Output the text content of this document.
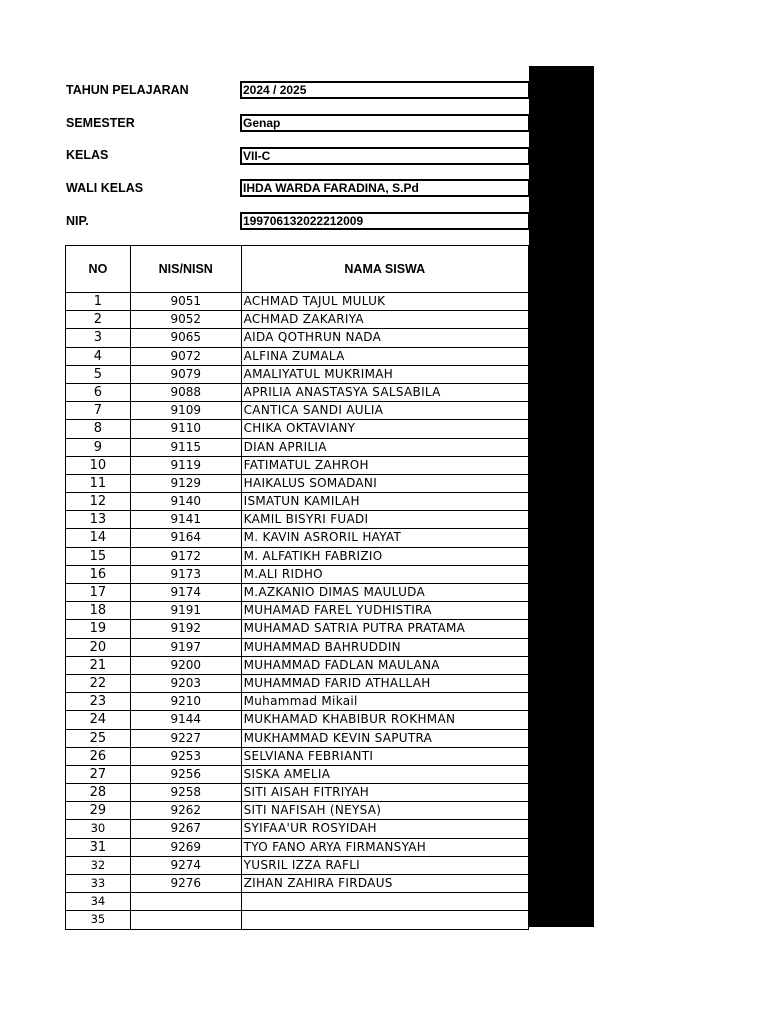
TAHUN PELAJARAN	2024 / 2025
SEMESTER	Genap
KELAS	VII-C
WALI KELAS	IHDA WARDA FARADINA, S.Pd
NIP.	199706132022212009
NO	NIS/NISN	NAMA SISWA
1	9051	ACHMAD TAJUL MULUK
2	9052	ACHMAD ZAKARIYA
3	9065	AIDA QOTHRUN NADA
4	9072	ALFINA ZUMALA
5	9079	AMALIYATUL MUKRIMAH
6	9088	APRILIA ANASTASYA SALSABILA
7	9109	CANTICA SANDI AULIA
8	9110	CHIKA OKTAVIANY
9	9115	DIAN APRILIA
10	9119	FATIMATUL ZAHROH
11	9129	HAIKALUS SOMADANI
12	9140	ISMATUN KAMILAH
13	9141	KAMIL BISYRI FUADI
14	9164	M. KAVIN ASRORIL HAYAT
15	9172	M. ALFATIKH FABRIZIO
16	9173	M.ALI RIDHO
17	9174	M.AZKANIO DIMAS MAULUDA
18	9191	MUHAMAD FAREL YUDHISTIRA
19	9192	MUHAMAD SATRIA PUTRA PRATAMA
20	9197	MUHAMMAD BAHRUDDIN
21	9200	MUHAMMAD FADLAN MAULANA
22	9203	MUHAMMAD FARID ATHALLAH
23	9210	Muhammad Mikail
24	9144	MUKHAMAD KHABIBUR ROKHMAN
25	9227	MUKHAMMAD KEVIN SAPUTRA
26	9253	SELVIANA FEBRIANTI
27	9256	SISKA AMELIA
28	9258	SITI AISAH FITRIYAH
29	9262	SITI NAFISAH (NEYSA)
30	9267	SYIFAA'UR ROSYIDAH
31	9269	TYO FANO ARYA FIRMANSYAH
32	9274	YUSRIL IZZA RAFLI
33	9276	ZIHAN ZAHIRA FIRDAUS
34
35
